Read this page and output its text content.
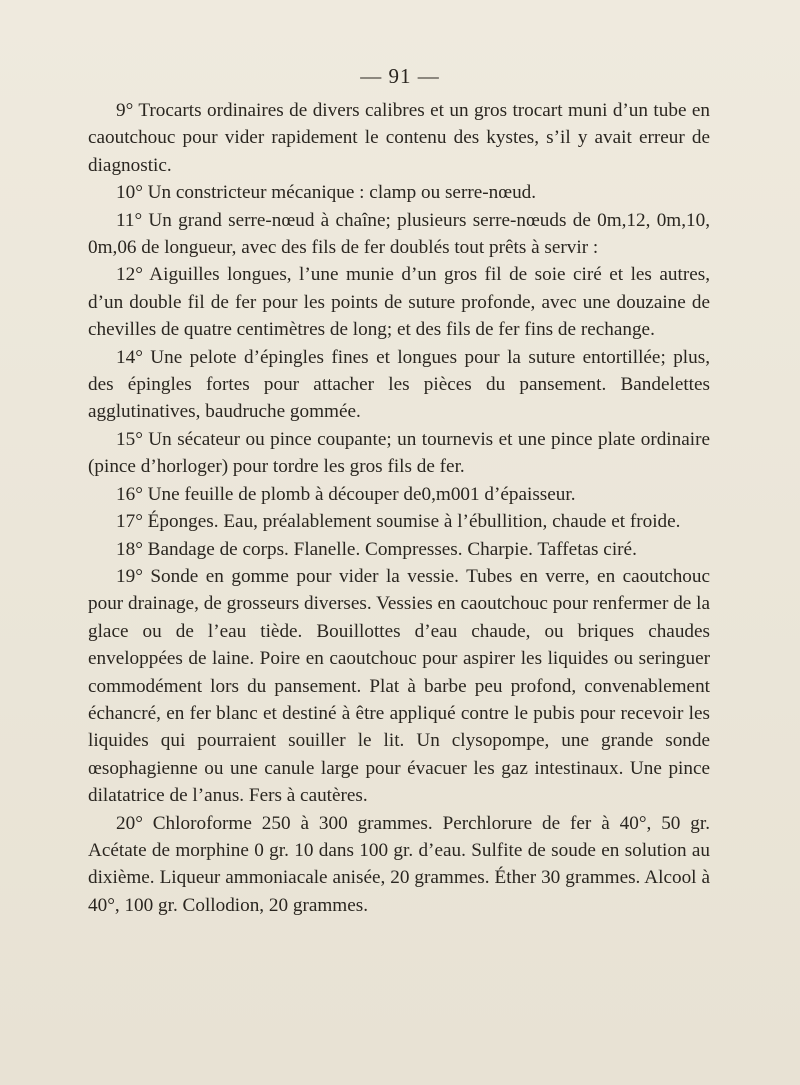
— 91 —

9° Trocarts ordinaires de divers calibres et un gros trocart muni d’un tube en caoutchouc pour vider rapidement le contenu des kystes, s’il y avait erreur de diagnostic.

10° Un constricteur mécanique : clamp ou serre-nœud.

11° Un grand serre-nœud à chaîne; plusieurs serre-nœuds de 0m,12, 0m,10, 0m,06 de longueur, avec des fils de fer doublés tout prêts à servir :

12° Aiguilles longues, l’une munie d’un gros fil de soie ciré et les autres, d’un double fil de fer pour les points de suture profonde, avec une douzaine de chevilles de quatre centimètres de long; et des fils de fer fins de rechange.

14° Une pelote d’épingles fines et longues pour la suture entortillée; plus, des épingles fortes pour attacher les pièces du pansement. Bandelettes agglutinatives, baudruche gommée.

15° Un sécateur ou pince coupante; un tournevis et une pince plate ordinaire (pince d’horloger) pour tordre les gros fils de fer.

16° Une feuille de plomb à découper de0,m001 d’épaisseur.

17° Éponges. Eau, préalablement soumise à l’ébullition, chaude et froide.

18° Bandage de corps. Flanelle. Compresses. Charpie. Taffetas ciré.

19° Sonde en gomme pour vider la vessie. Tubes en verre, en caoutchouc pour drainage, de grosseurs diverses. Vessies en caoutchouc pour renfermer de la glace ou de l’eau tiède. Bouillottes d’eau chaude, ou briques chaudes enveloppées de laine. Poire en caoutchouc pour aspirer les liquides ou seringuer commodément lors du pansement. Plat à barbe peu profond, convenablement échancré, en fer blanc et destiné à être appliqué contre le pubis pour recevoir les liquides qui pourraient souiller le lit. Un clysopompe, une grande sonde œsophagienne ou une canule large pour évacuer les gaz intestinaux. Une pince dilatatrice de l’anus. Fers à cautères.

20° Chloroforme 250 à 300 grammes. Perchlorure de fer à 40°, 50 gr. Acétate de morphine 0 gr. 10 dans 100 gr. d’eau. Sulfite de soude en solution au dixième. Liqueur ammoniacale anisée, 20 grammes. Éther 30 grammes. Alcool à 40°, 100 gr. Collodion, 20 grammes.
